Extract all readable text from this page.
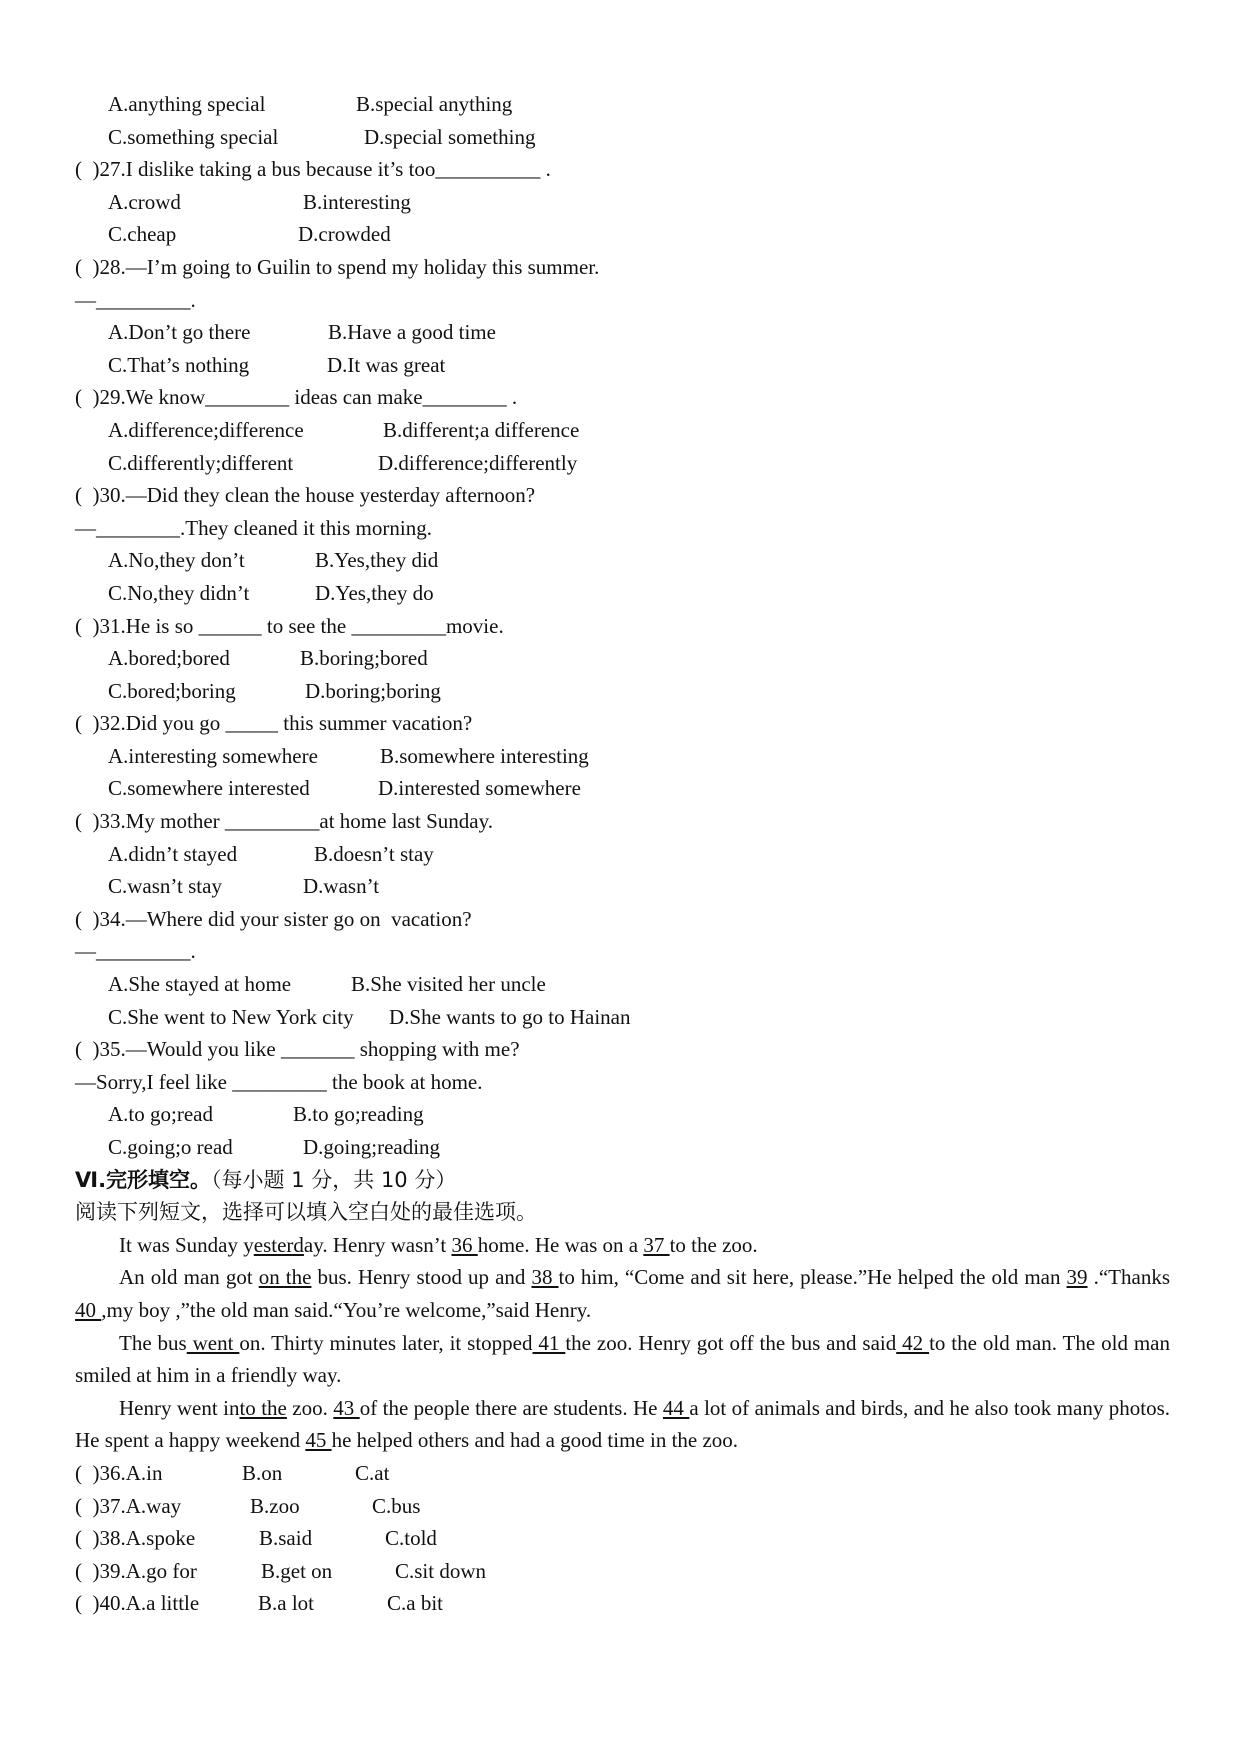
A.anything special	B.special anything
C.something special	D.special something
(  )27.I dislike taking a bus because it’s too__________ .
A.crowd	B.interesting
C.cheap	D.crowded
(  )28.—I’m going to Guilin to spend my holiday this summer.
—_________.
A.Don’t go there	B.Have a good time
C.That’s nothing	D.It was great
(  )29.We know________ ideas can make________ .
A.difference;difference	B.different;a difference
C.differently;different	D.difference;differently
(  )30.—Did they clean the house yesterday afternoon?
—________.They cleaned it this morning.
A.No,they don’t	B.Yes,they did
C.No,they didn’t	D.Yes,they do
(  )31.He is so ______ to see the _________movie.
A.bored;bored	B.boring;bored
C.bored;boring	D.boring;boring
(  )32.Did you go _____ this summer vacation?
A.interesting somewhere	B.somewhere interesting
C.somewhere interested	D.interested somewhere
(  )33.My mother _________at home last Sunday.
A.didn’t stayed	B.doesn’t stay
C.wasn’t stay	D.wasn’t
(  )34.—Where did your sister go on  vacation?
—_________.
A.She stayed at home	B.She visited her uncle
C.She went to New York city D.She wants to go to Hainan
(  )35.—Would you like _______ shopping with me?
—Sorry,I feel like _________ the book at home.
A.to go;read	B.to go;reading
C.going;o read	D.going;reading
Ⅵ.完形填空。（每小题 1 分，共 10 分）
阅读下列短文，选择可以填入空白处的最佳选项。
It was Sunday yesterday. Henry wasn’t 36 home. He was on a 37 to the zoo.
An old man got on the bus. Henry stood up and 38 to him, “Come and sit here, please.”He helped the old man 39 .“Thanks 40 ,my boy ,”the old man said.“You’re welcome,”said Henry.
The bus went on. Thirty minutes later, it stopped 41 the zoo. Henry got off the bus and said 42 to the old man. The old man smiled at him in a friendly way.
Henry went into the zoo. 43 of the people there are students. He 44 a lot of animals and birds, and he also took many photos. He spent a happy weekend 45 he helped others and had a good time in the zoo.
(  )36.A.in	B.on	C.at
(  )37.A.way	B.zoo	C.bus
(  )38.A.spoke	B.said	C.told
(  )39.A.go for	B.get on	C.sit down
(  )40.A.a little	B.a lot	C.a bit
